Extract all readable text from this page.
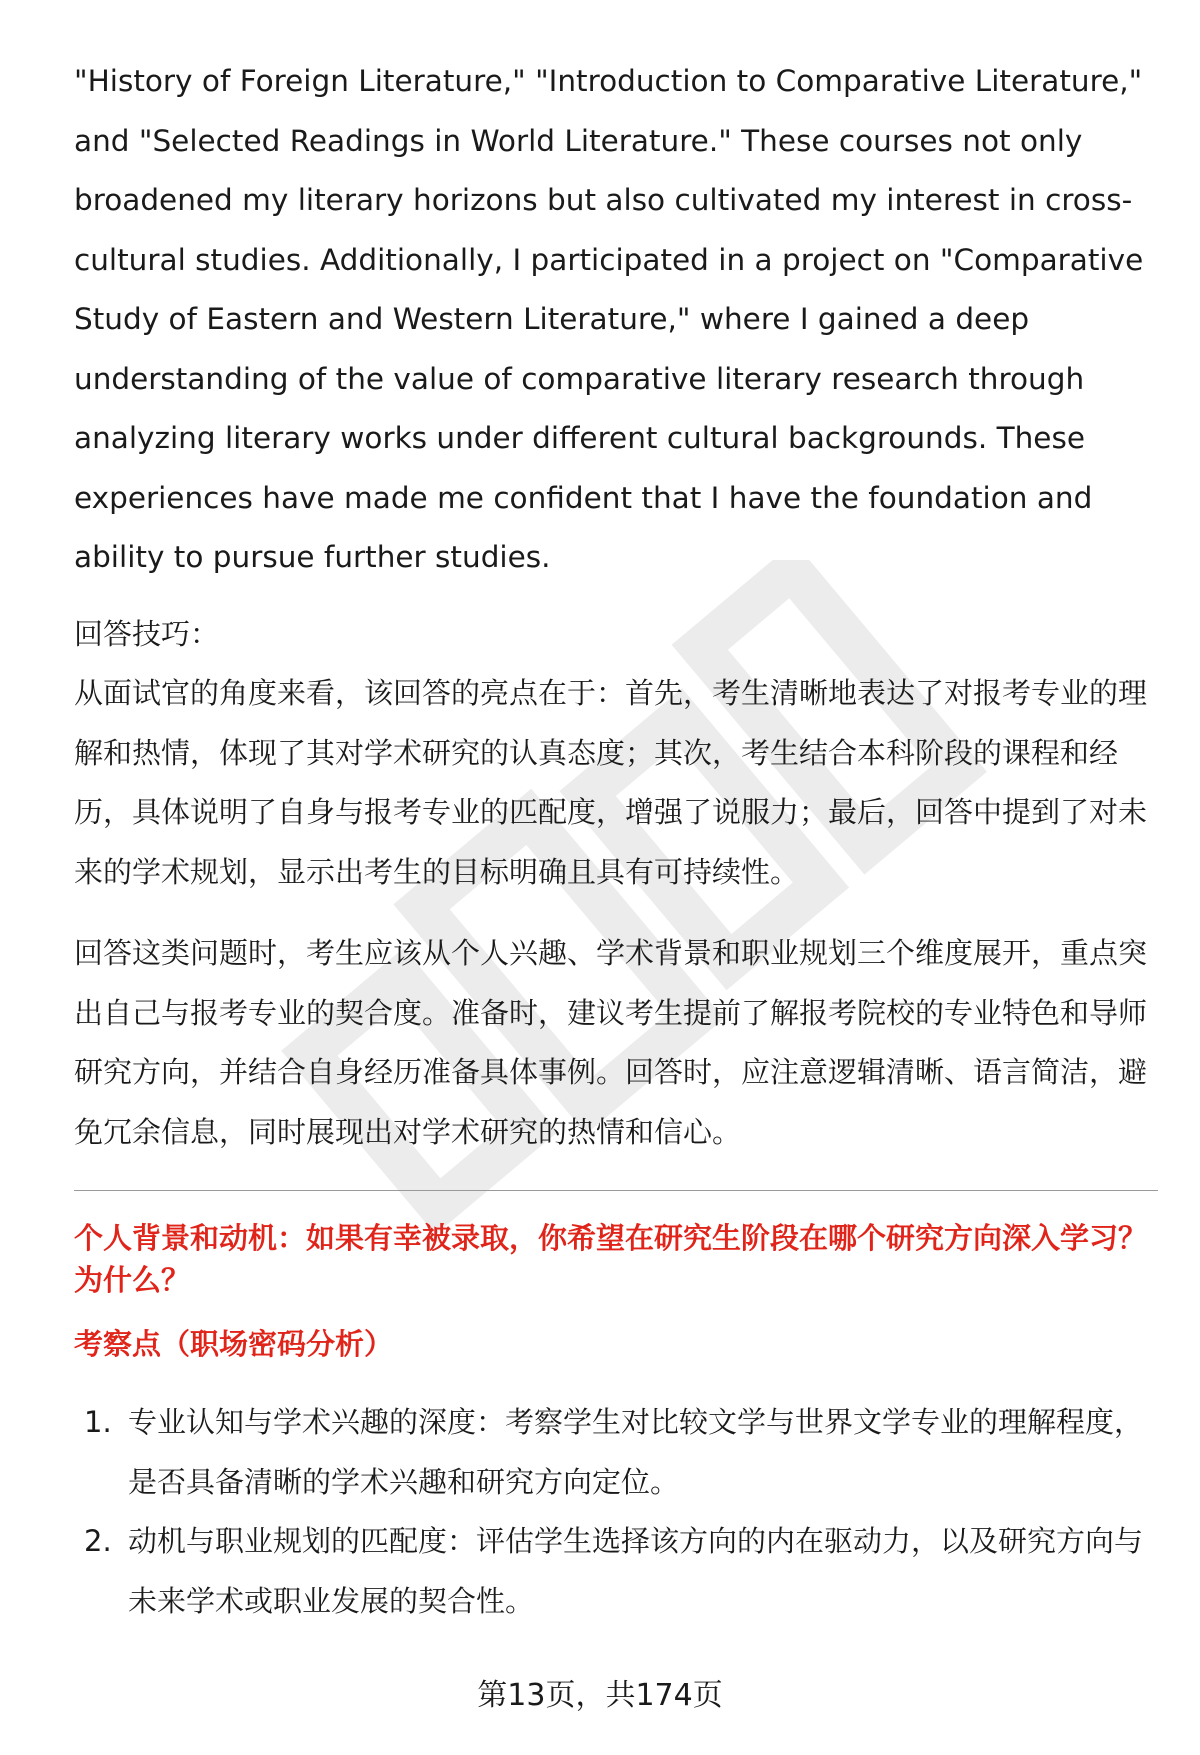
"History of Foreign Literature," "Introduction to Comparative Literature," and "Selected Readings in World Literature." These courses not only broadened my literary horizons but also cultivated my interest in cross-cultural studies. Additionally, I participated in a project on "Comparative Study of Eastern and Western Literature," where I gained a deep understanding of the value of comparative literary research through analyzing literary works under different cultural backgrounds. These experiences have made me confident that I have the foundation and ability to pursue further studies.

回答技巧：

从面试官的角度来看，该回答的亮点在于：首先，考生清晰地表达了对报考专业的理解和热情，体现了其对学术研究的认真态度；其次，考生结合本科阶段的课程和经历，具体说明了自身与报考专业的匹配度，增强了说服力；最后，回答中提到了对未来的学术规划，显示出考生的目标明确且具有可持续性。

回答这类问题时，考生应该从个人兴趣、学术背景和职业规划三个维度展开，重点突出自己与报考专业的契合度。准备时，建议考生提前了解报考院校的专业特色和导师研究方向，并结合自身经历准备具体事例。回答时，应注意逻辑清晰、语言简洁，避免冗余信息，同时展现出对学术研究的热情和信心。

个人背景和动机：如果有幸被录取，你希望在研究生阶段在哪个研究方向深入学习？为什么？

考察点（职场密码分析）

1. 专业认知与学术兴趣的深度：考察学生对比较文学与世界文学专业的理解程度，是否具备清晰的学术兴趣和研究方向定位。
2. 动机与职业规划的匹配度：评估学生选择该方向的内在驱动力，以及研究方向与未来学术或职业发展的契合性。
第13页，共174页
